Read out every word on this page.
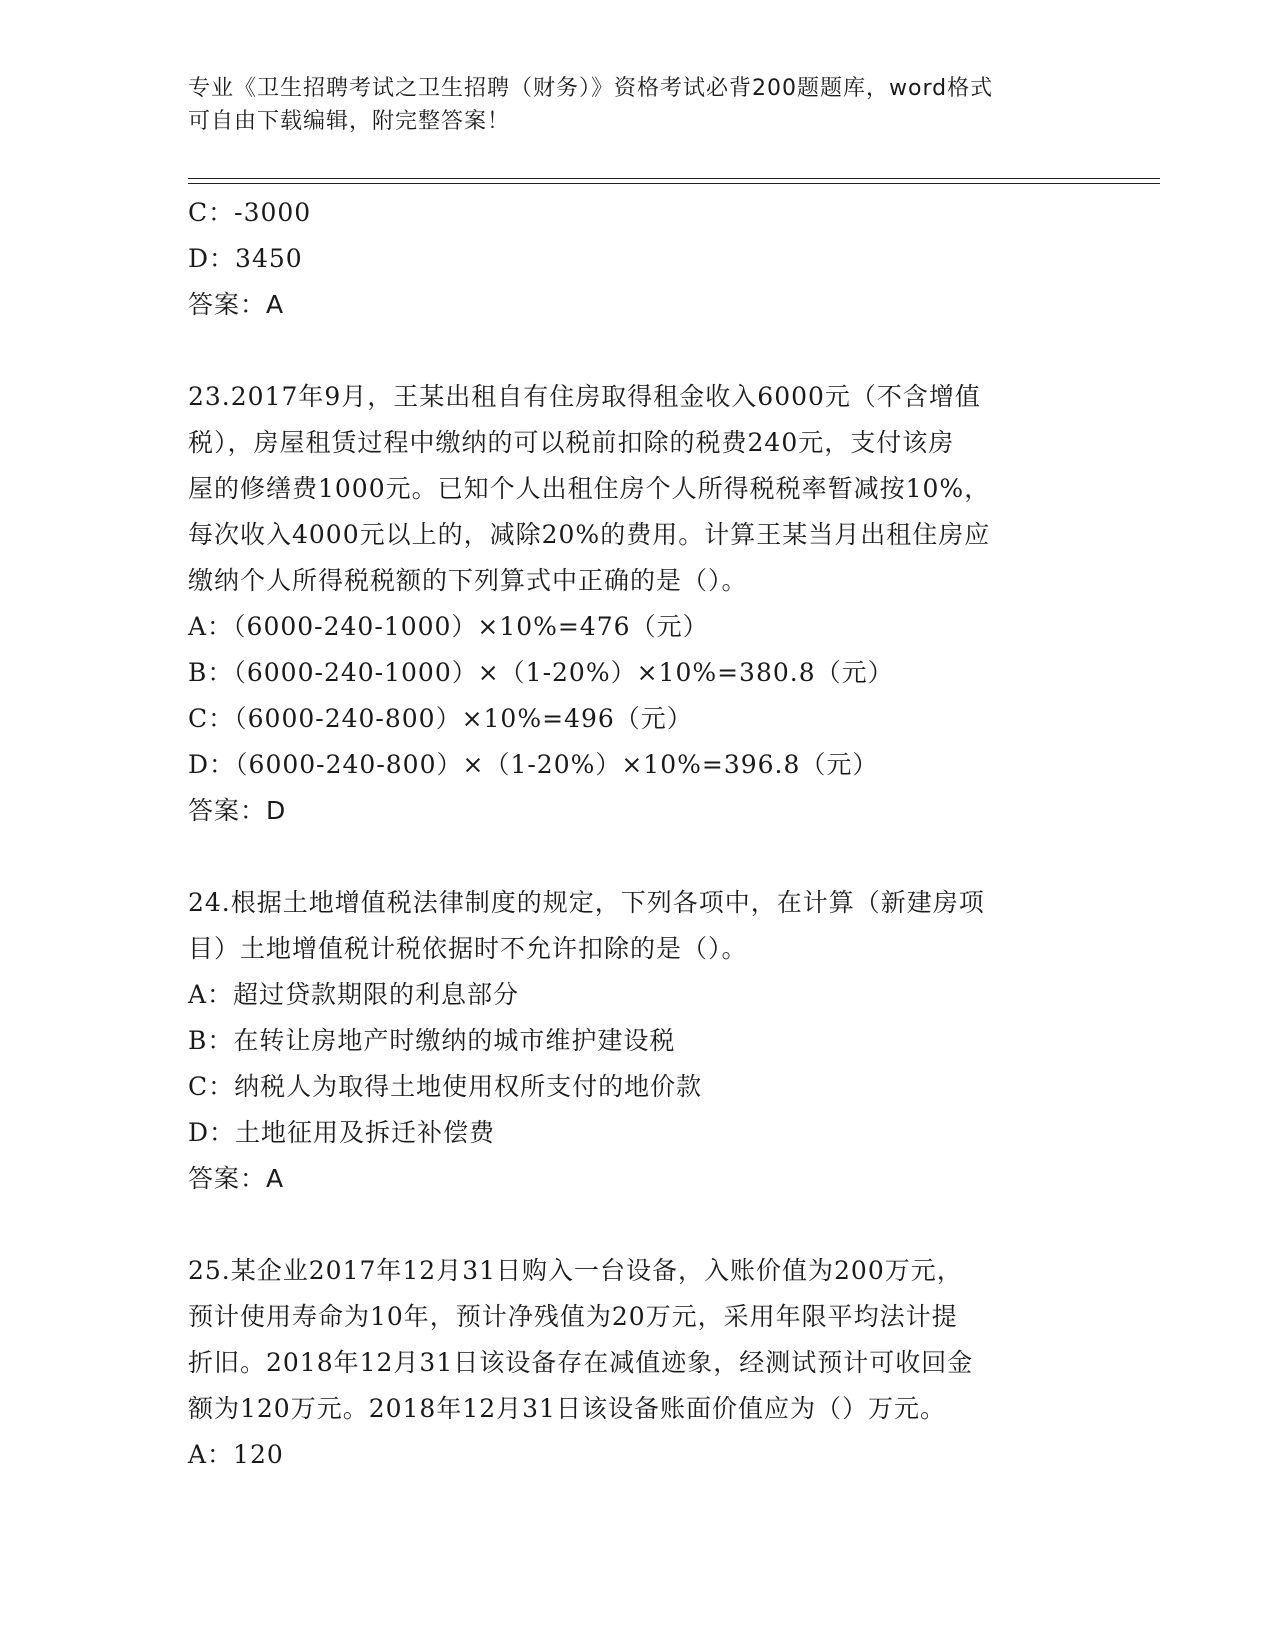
专业《卫生招聘考试之卫生招聘（财务）》资格考试必背200题题库，word格式
可自由下载编辑，附完整答案！
C：-3000
D：3450
答案：A
23.2017年9月，王某出租自有住房取得租金收入6000元（不含增值
税），房屋租赁过程中缴纳的可以税前扣除的税费240元，支付该房
屋的修缮费1000元。已知个人出租住房个人所得税税率暂减按10%，
每次收入4000元以上的，减除20%的费用。计算王某当月出租住房应
缴纳个人所得税税额的下列算式中正确的是（）。
A：（6000-240-1000）×10%=476（元）
B：（6000-240-1000）×（1-20%）×10%=380.8（元）
C：（6000-240-800）×10%=496（元）
D：（6000-240-800）×（1-20%）×10%=396.8（元）
答案：D
24.根据土地增值税法律制度的规定，下列各项中，在计算（新建房项
目）土地增值税计税依据时不允许扣除的是（）。
A：超过贷款期限的利息部分
B：在转让房地产时缴纳的城市维护建设税
C：纳税人为取得土地使用权所支付的地价款
D：土地征用及拆迁补偿费
答案：A
25.某企业2017年12月31日购入一台设备，入账价值为200万元，
预计使用寿命为10年，预计净残值为20万元，采用年限平均法计提
折旧。2018年12月31日该设备存在减值迹象，经测试预计可收回金
额为120万元。2018年12月31日该设备账面价值应为（）万元。
A：120
